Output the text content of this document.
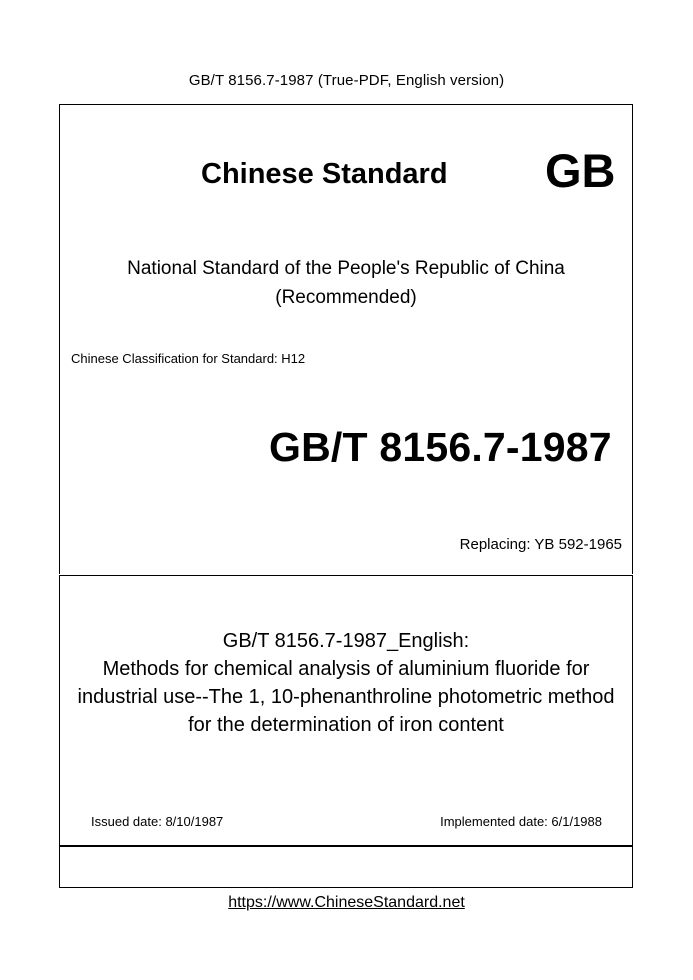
GB/T 8156.7-1987 (True-PDF, English version)
Chinese Standard GB
National Standard of the People's Republic of China
(Recommended)
Chinese Classification for Standard: H12
GB/T 8156.7-1987
Replacing: YB 592-1965
GB/T 8156.7-1987_English:
Methods for chemical analysis of aluminium fluoride for
industrial use--The 1, 10-phenanthroline photometric method
for the determination of iron content
Issued date: 8/10/1987	Implemented date: 6/1/1988
https://www.ChineseStandard.net
